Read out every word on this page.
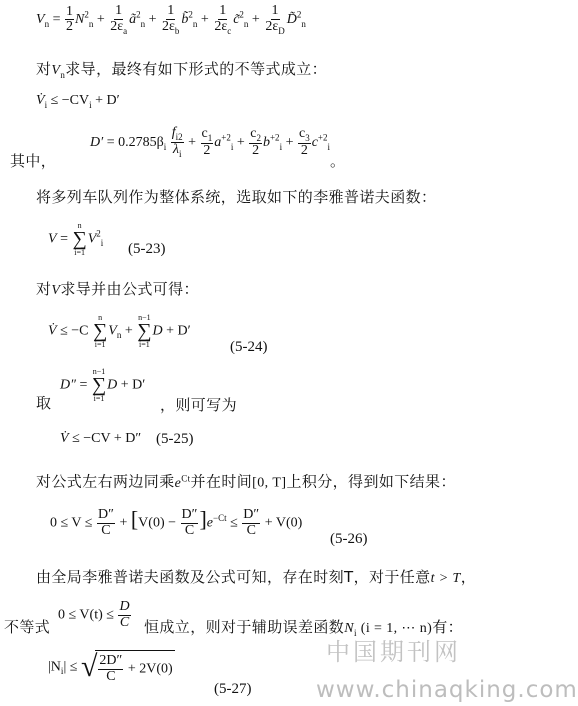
$V_n = \frac{1}{2} N^2_n + \frac{1}{2\varepsilon_a}$ $ã^2_n + \frac{1}{2\varepsilon_b}$ b̃$^2_n$ + $\frac{1}{2\varepsilon_c}$ c̃$^2_n$ + $\frac{1}{2\varepsilon_D}$ D̃$^2_n$
对$V_n$求导，最终有如下形式的不等式成立：
$V̇_i \le -CV_i + D'$
$D' = 0.2785\beta_i \frac{f_{i2}}{\lambda_i} + \frac{c_1}{2} a^{+2}_i + \frac{c_2}{2} b^{+2}_i + \frac{c_3}{2} c^{+2}_i$
其中，	。
将多列车队列作为整体系统，选取如下的李雅普诺夫函数：
V =
n
∑
i=1
$V^2_i$ (5-23)
对V求导并由公式可得：
V̇ ≤ −C
n
∑
i=1
$V_n$ +
n−1
∑
i=1
D + D′
(5-24)
取
D″ =
n−1
∑
i=1
D + D′
，则可写为
V̇ ≤ −CV + D″ (5-25)
对公式左右两边同乘$e^{Ct}$并在时间[0, T]上积分，得到如下结果：
$0 \le V \le \frac{D''}{C} + [V(0) - \frac{D''}{C} ]e^{-Ct} \le \frac{D''}{C} + V(0)$
(5-26)
由全局李雅普诺夫函数及公式可知，存在时刻T，对于任意t > T，
不等式
$0 \le V(t) \le \frac{D}{C}$ 恒成立，则对于辅助误差函数$N_i$ (i = 1, ⋯ n)有：
$|N_i|$ ≤ √ $\frac{2D''}{C} + 2V(0)$
(5-27)
中国期刊网
www.chinaqking.com
